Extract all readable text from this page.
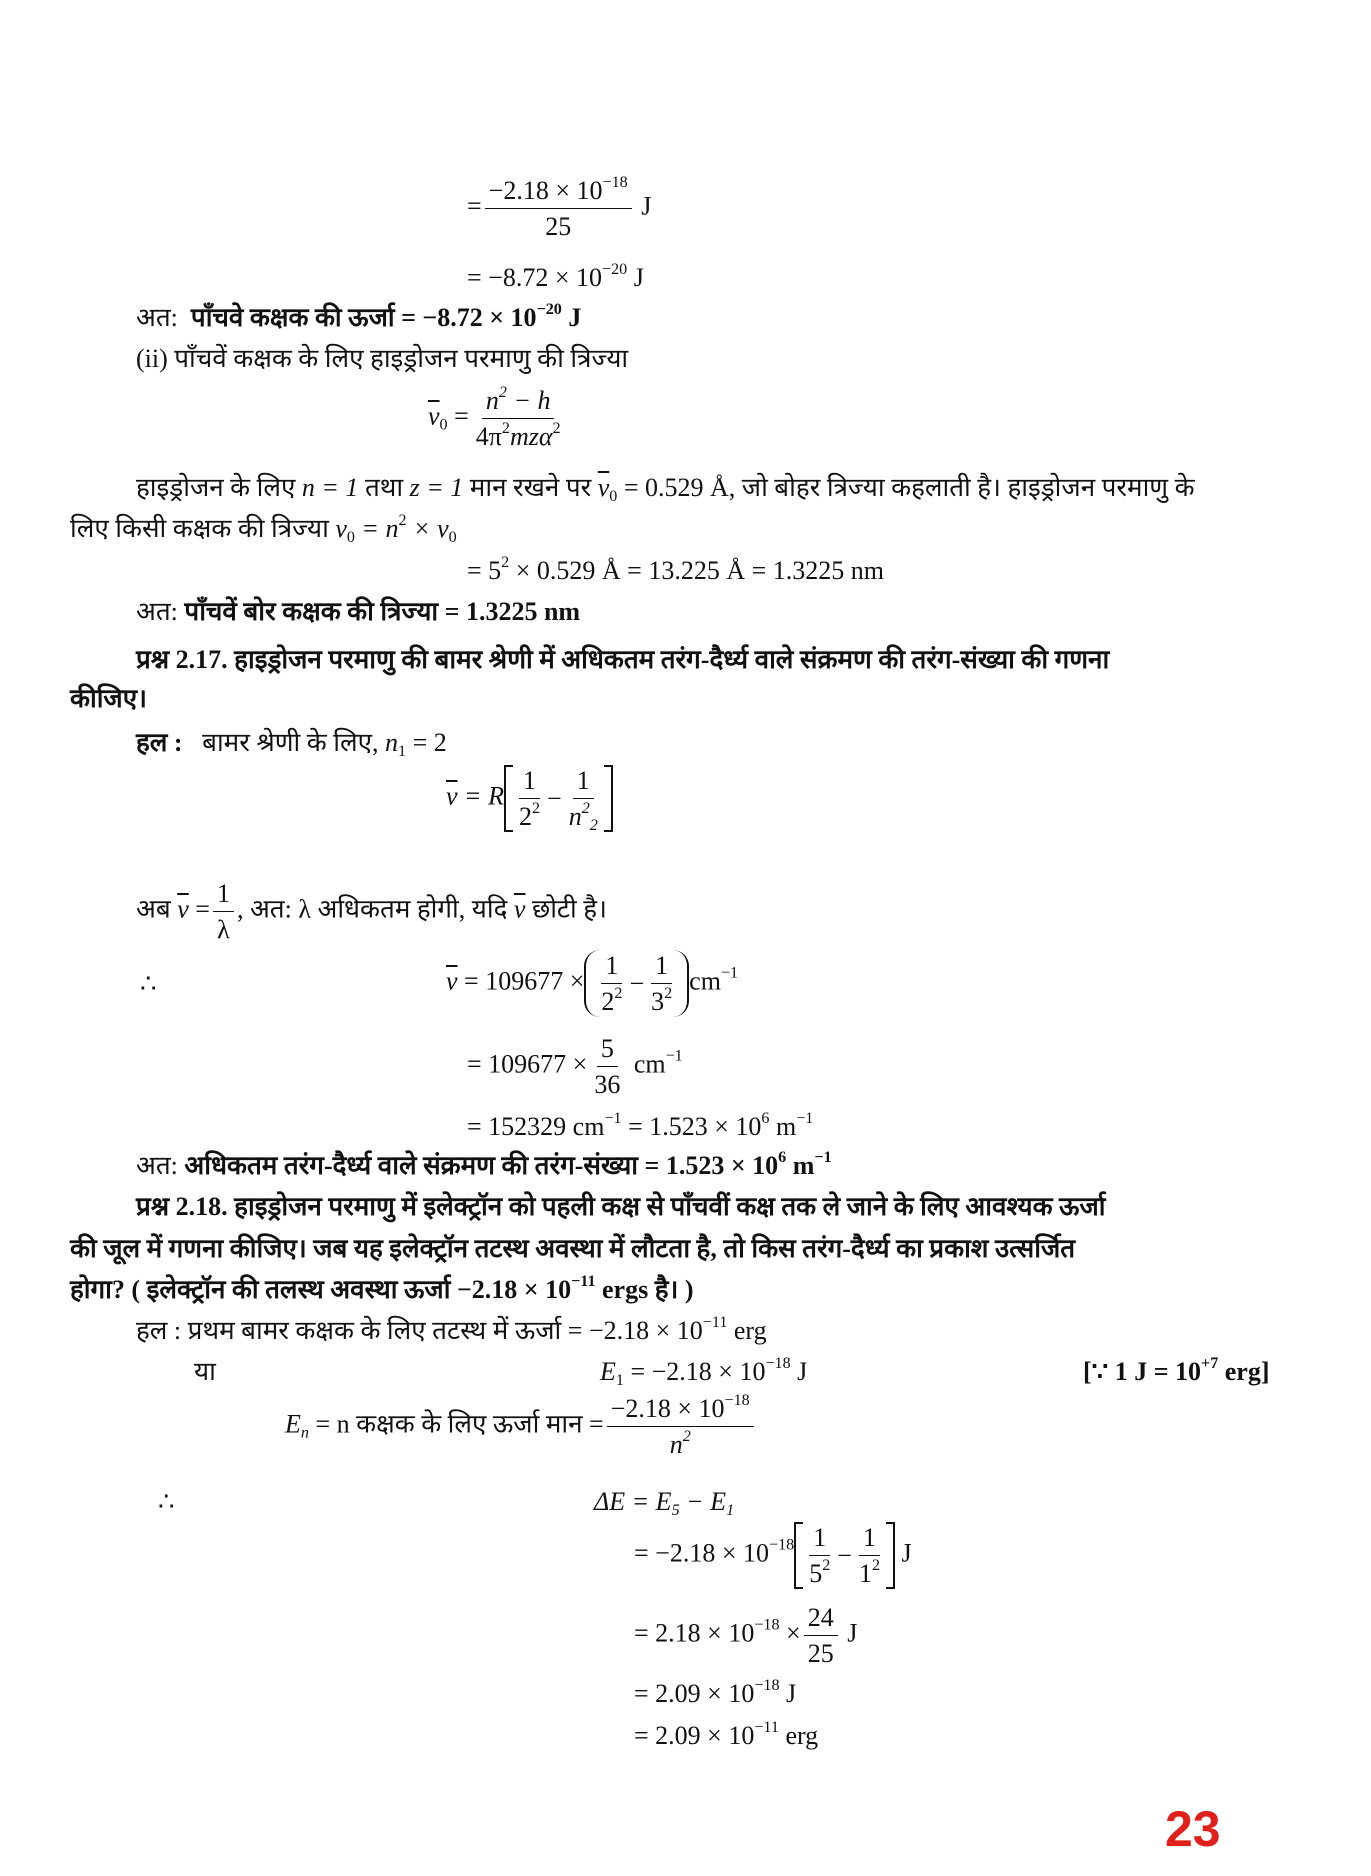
= $\frac{-2.18 \times 10^{-18}}{25}$ J
= $-8.72 \times 10^{-20}$ J
अत: पाँचवे कक्षक की ऊर्जा = $-8.72 \times 10^{-20}$ J
(ii) पाँचवें कक्षक के लिए हाइड्रोजन परमाणु की त्रिज्या
$\overline{\nu}_0 = \frac{n^2 - h}{4\pi^2mz\alpha^2}$
हाइड्रोजन के लिए n = 1 तथा z = 1 मान रखने पर $\overline{\nu}_0 = 0.529$ Å, जो बोहर त्रिज्या कहलाती है। हाइड्रोजन परमाणु के
लिए किसी कक्षक की त्रिज्या $\nu_0 = n^2 \times \nu_0$
= $5^2 \times 0.529$ Å = 13.225 Å = 1.3225 nm
अत: पाँचवें बोर कक्षक की त्रिज्या = 1.3225 nm
प्रश्न 2.17. हाइड्रोजन परमाणु की बामर श्रेणी में अधिकतम तरंग-दैर्ध्य वाले संक्रमण की तरंग-संख्या की गणना
कीजिए।
हल : बामर श्रेणी के लिए, $n_1 = 2$
$\overline{\nu} = R \frac{1}{2^2} - \frac{1}{n^2_2}$
अब $\overline{\nu} = \frac{1}{\lambda}$ , अत: λ अधिकतम होगी, यदि $\overline{\nu}$ छोटी है।
∴	$\overline{\nu} = 109677 \times \frac{1}{2^2} - \frac{1}{3^2} cm^{-1}$
= $109677 \times \frac{5}{36} cm^{-1}$
= 152329 $cm^{-1} = 1.523 \times 10^6$ $m^{-1}$
अत: अधिकतम तरंग-दैर्ध्य वाले संक्रमण की तरंग-संख्या = $1.523 \times 10^6$ $m^{-1}$
प्रश्न 2.18. हाइड्रोजन परमाणु में इलेक्ट्रॉन को पहली कक्ष से पाँचवीं कक्ष तक ले जाने के लिए आवश्यक ऊर्जा
की जूल में गणना कीजिए। जब यह इलेक्ट्रॉन तटस्थ अवस्था में लौटता है, तो किस तरंग-दैर्ध्य का प्रकाश उत्सर्जित
होगा? ( इलेक्ट्रॉन की तलस्थ अवस्था ऊर्जा $-2.18 \times 10^{-11}$ ergs है। )
हल : प्रथम बामर कक्षक के लिए तटस्थ में ऊर्जा = $-2.18 \times 10^{-11}$ erg
या	$E_1 = -2.18 \times 10^{-18}$ J	[∵ 1 $J = 10^{+7}$ erg]
$E_n = n$ कक्षक के लिए ऊर्जा मान = $\frac{-2.18 \times 10^{-18}}{n^2}$
∴	$\Delta E = E_5 - E_1$
= $-2.18 \times 10^{-18} \frac{1}{5^2} - \frac{1}{1^2}$ J
= $2.18 \times 10^{-18} \times \frac{24}{25}$ J
= $2.09 \times 10^{-18}$ J
= $2.09 \times 10^{-11}$ erg
23
